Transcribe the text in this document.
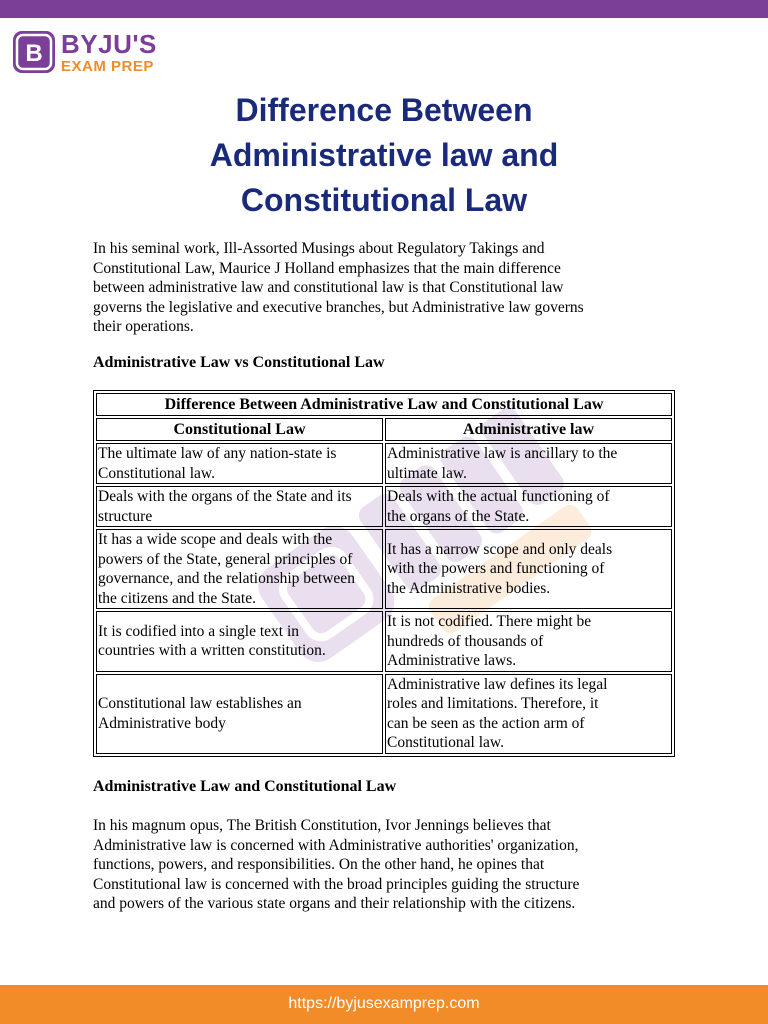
B BYJU'S
EXAM PREP
Difference Between
Administrative law and
Constitutional Law

In his seminal work, Ill-Assorted Musings about Regulatory Takings and
Constitutional Law, Maurice J Holland emphasizes that the main difference
between administrative law and constitutional law is that Constitutional law
governs the legislative and executive branches, but Administrative law governs
their operations.

Administrative Law vs Constitutional Law
Difference Between Administrative Law and Constitutional Law	
Constitutional Law	Administrative law

The ultimate law of any nation-state is
Constitutional law.	Administrative law is ancillary to the
ultimate law.

Deals with the organs of the State and its
structure	Deals with the actual functioning of
the organs of the State.

It has a wide scope and deals with the
powers of the State, general principles of
governance, and the relationship between
the citizens and the State.	It has a narrow scope and only deals
with the powers and functioning of
the Administrative bodies.

It is codified into a single text in
countries with a written constitution.	It is not codified. There might be
hundreds of thousands of
Administrative laws.

Constitutional law establishes an
Administrative body	Administrative law defines its legal
roles and limitations. Therefore, it
can be seen as the action arm of
Constitutional law.
Administrative Law and Constitutional Law

In his magnum opus, The British Constitution, Ivor Jennings believes that
Administrative law is concerned with Administrative authorities' organization,
functions, powers, and responsibilities. On the other hand, he opines that
Constitutional law is concerned with the broad principles guiding the structure
and powers of the various state organs and their relationship with the citizens.

https://byjusexamprep.com
